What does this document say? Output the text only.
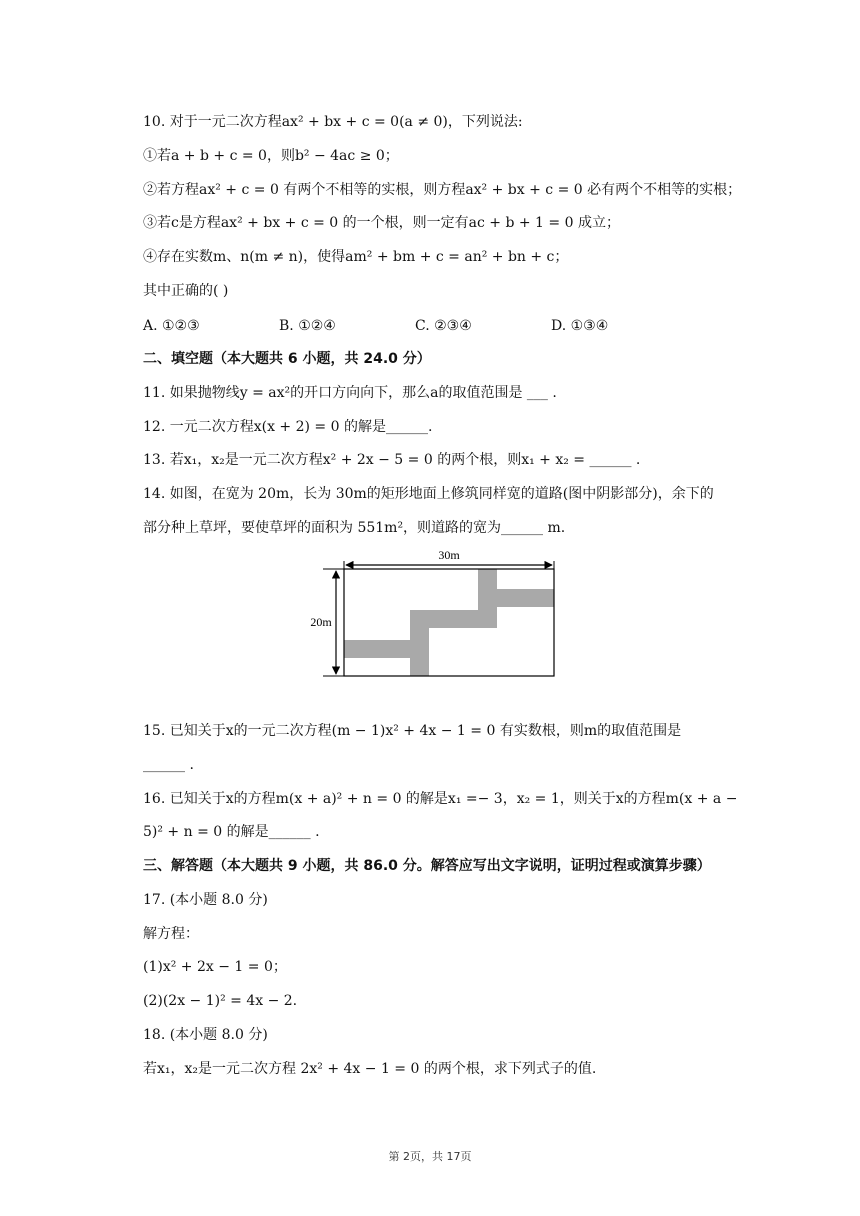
10. 对于一元二次方程ax² + bx + c = 0(a ≠ 0)，下列说法:
①若a + b + c = 0，则b² − 4ac ≥ 0；
②若方程ax² + c = 0 有两个不相等的实根，则方程ax² + bx + c = 0 必有两个不相等的实根；
③若c是方程ax² + bx + c = 0 的一个根，则一定有ac + b + 1 = 0 成立；
④存在实数m、n(m ≠ n)，使得am² + bm + c = an² + bn + c；
其中正确的( )
A. ①②③	B. ①②④	C. ②③④	D. ①③④
二、填空题（本大题共 6 小题，共 24.0 分）
11. 如果抛物线y = ax²的开口方向向下，那么a的取值范围是 ___ .
12. 一元二次方程x(x + 2) = 0 的解是______.
13. 若x₁，x₂是一元二次方程x² + 2x − 5 = 0 的两个根，则x₁ + x₂ = ______ .
14. 如图，在宽为 20m，长为 30m的矩形地面上修筑同样宽的道路(图中阴影部分)，余下的
部分种上草坪，要使草坪的面积为 551m²，则道路的宽为______ m.
30m
20m
15. 已知关于x的一元二次方程(m − 1)x² + 4x − 1 = 0 有实数根，则m的取值范围是
______ .
16. 已知关于x的方程m(x + a)² + n = 0 的解是x₁ =− 3，x₂ = 1，则关于x的方程m(x + a −
5)² + n = 0 的解是______ .
三、解答题（本大题共 9 小题，共 86.0 分。解答应写出文字说明，证明过程或演算步骤）
17. (本小题 8.0 分)
解方程：
(1)x² + 2x − 1 = 0；
(2)(2x − 1)² = 4x − 2.
18. (本小题 8.0 分)
若x₁，x₂是一元二次方程 2x² + 4x − 1 = 0 的两个根，求下列式子的值.
第 2页，共 17页
